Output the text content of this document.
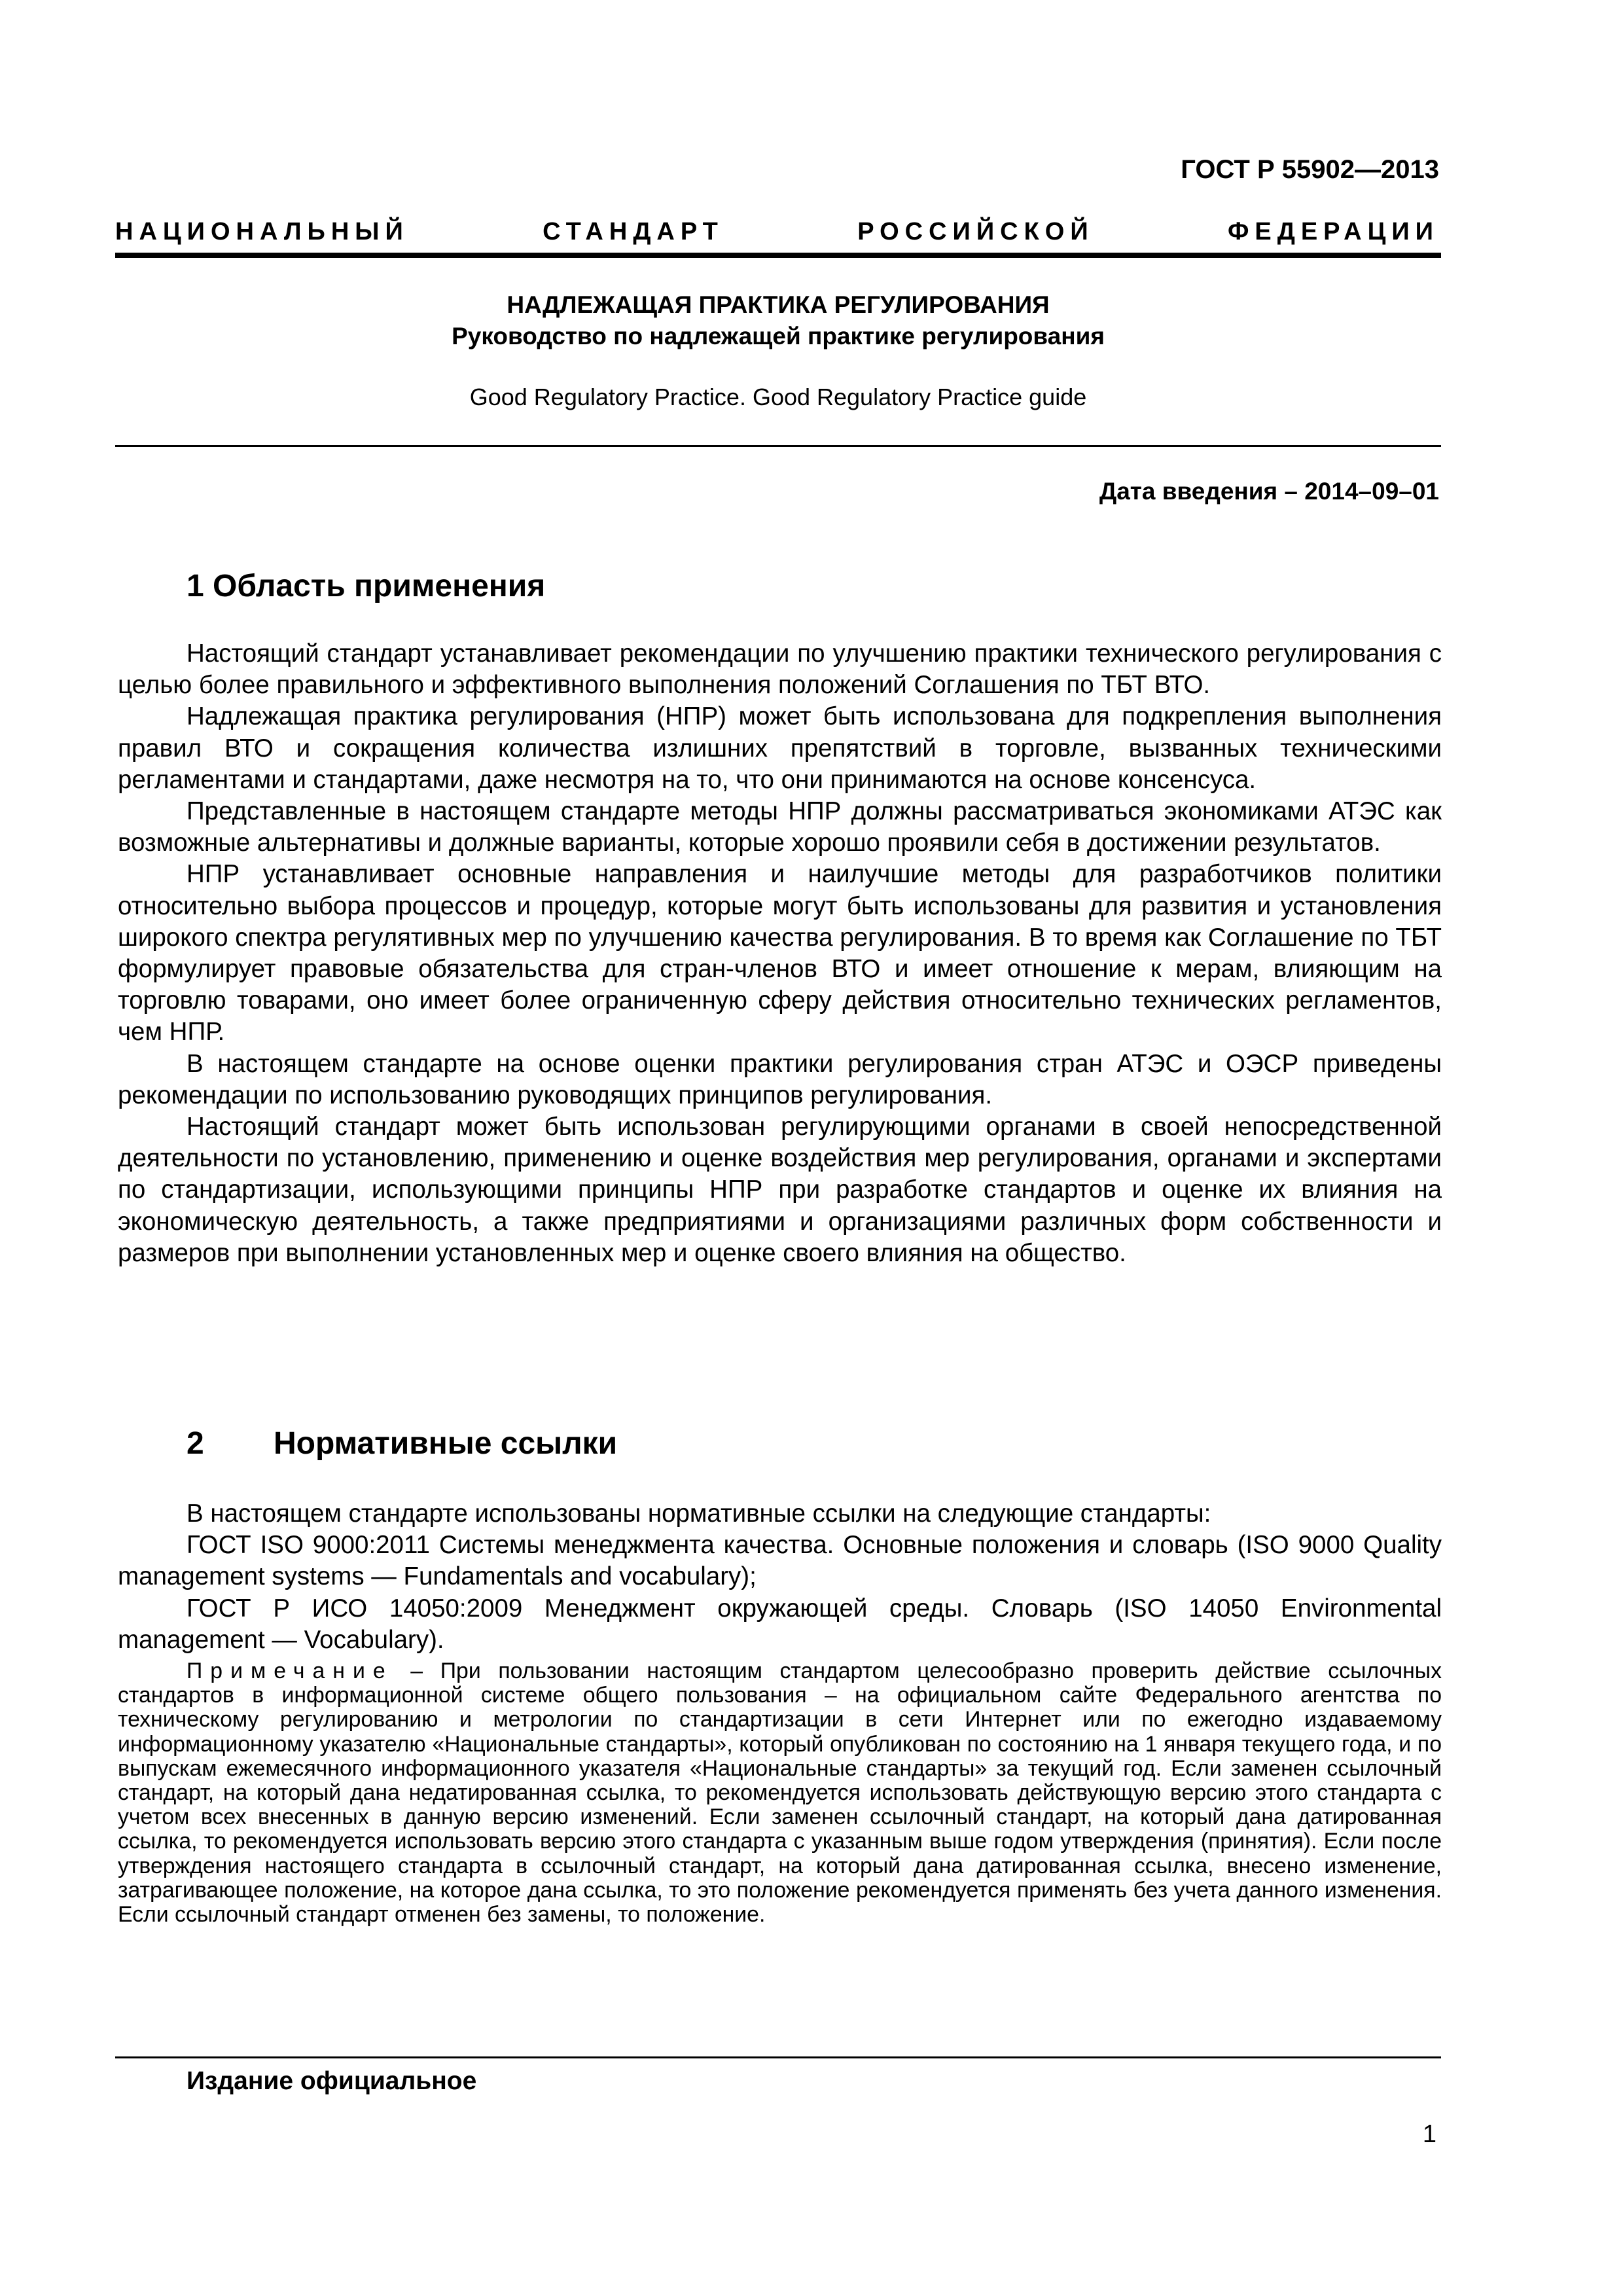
ГОСТ Р 55902—2013
НАЦИОНАЛЬНЫЙ СТАНДАРТ РОССИЙСКОЙ ФЕДЕРАЦИИ
НАДЛЕЖАЩАЯ ПРАКТИКА РЕГУЛИРОВАНИЯ
Руководство по надлежащей практике регулирования
Good Regulatory Practice. Good Regulatory Practice guide
Дата введения – 2014–09–01
1 Область применения

Настоящий стандарт устанавливает рекомендации по улучшению практики технического регулирования с целью более правильного и эффективного выполнения положений Соглашения по ТБТ ВТО.

Надлежащая практика регулирования (НПР) может быть использована для подкрепления выполнения правил ВТО и сокращения количества излишних препятствий в торговле, вызванных техническими регламентами и стандартами, даже несмотря на то, что они принимаются на основе консенсуса.

Представленные в настоящем стандарте методы НПР должны рассматриваться экономиками АТЭС как возможные альтернативы и должные варианты, которые хорошо проявили себя в достижении результатов.

НПР устанавливает основные направления и наилучшие методы для разработчиков политики относительно выбора процессов и процедур, которые могут быть использованы для развития и установления широкого спектра регулятивных мер по улучшению качества регулирования. В то время как Соглашение по ТБТ формулирует правовые обязательства для стран-членов ВТО и имеет отношение к мерам, влияющим на торговлю товарами, оно имеет более ограниченную сферу действия относительно технических регламентов, чем НПР.

В настоящем стандарте на основе оценки практики регулирования стран АТЭС и ОЭСР приведены рекомендации по использованию руководящих принципов регулирования.

Настоящий стандарт может быть использован регулирующими органами в своей непосредственной деятельности по установлению, применению и оценке воздействия мер регулирования, органами и экспертами по стандартизации, использующими принципы НПР при разработке стандартов и оценке их влияния на экономическую деятельность, а также предприятиями и организациями различных форм собственности и размеров при выполнении установленных мер и оценке своего влияния на общество.

2 Нормативные ссылки

В настоящем стандарте использованы нормативные ссылки на следующие стандарты:

ГОСТ ISO 9000:2011 Системы менеджмента качества. Основные положения и словарь (ISO 9000 Quality management systems — Fundamentals and vocabulary);

ГОСТ Р ИСО 14050:2009 Менеджмент окружающей среды. Словарь (ISO 14050 Environmental management — Vocabulary).

Примечание – При пользовании настоящим стандартом целесообразно проверить действие ссылочных стандартов в информационной системе общего пользования – на официальном сайте Федерального агентства по техническому регулированию и метрологии по стандартизации в сети Интернет или по ежегодно издаваемому информационному указателю «Национальные стандарты», который опубликован по состоянию на 1 января текущего года, и по выпускам ежемесячного информационного указателя «Национальные стандарты» за текущий год. Если заменен ссылочный стандарт, на который дана недатированная ссылка, то рекомендуется использовать действующую версию этого стандарта с учетом всех внесенных в данную версию изменений. Если заменен ссылочный стандарт, на который дана датированная ссылка, то рекомендуется использовать версию этого стандарта с указанным выше годом утверждения (принятия). Если после утверждения настоящего стандарта в ссылочный стандарт, на который дана датированная ссылка, внесено изменение, затрагивающее положение, на которое дана ссылка, то это положение рекомендуется применять без учета данного изменения. Если ссылочный стандарт отменен без замены, то положение.
Издание официальное
1
